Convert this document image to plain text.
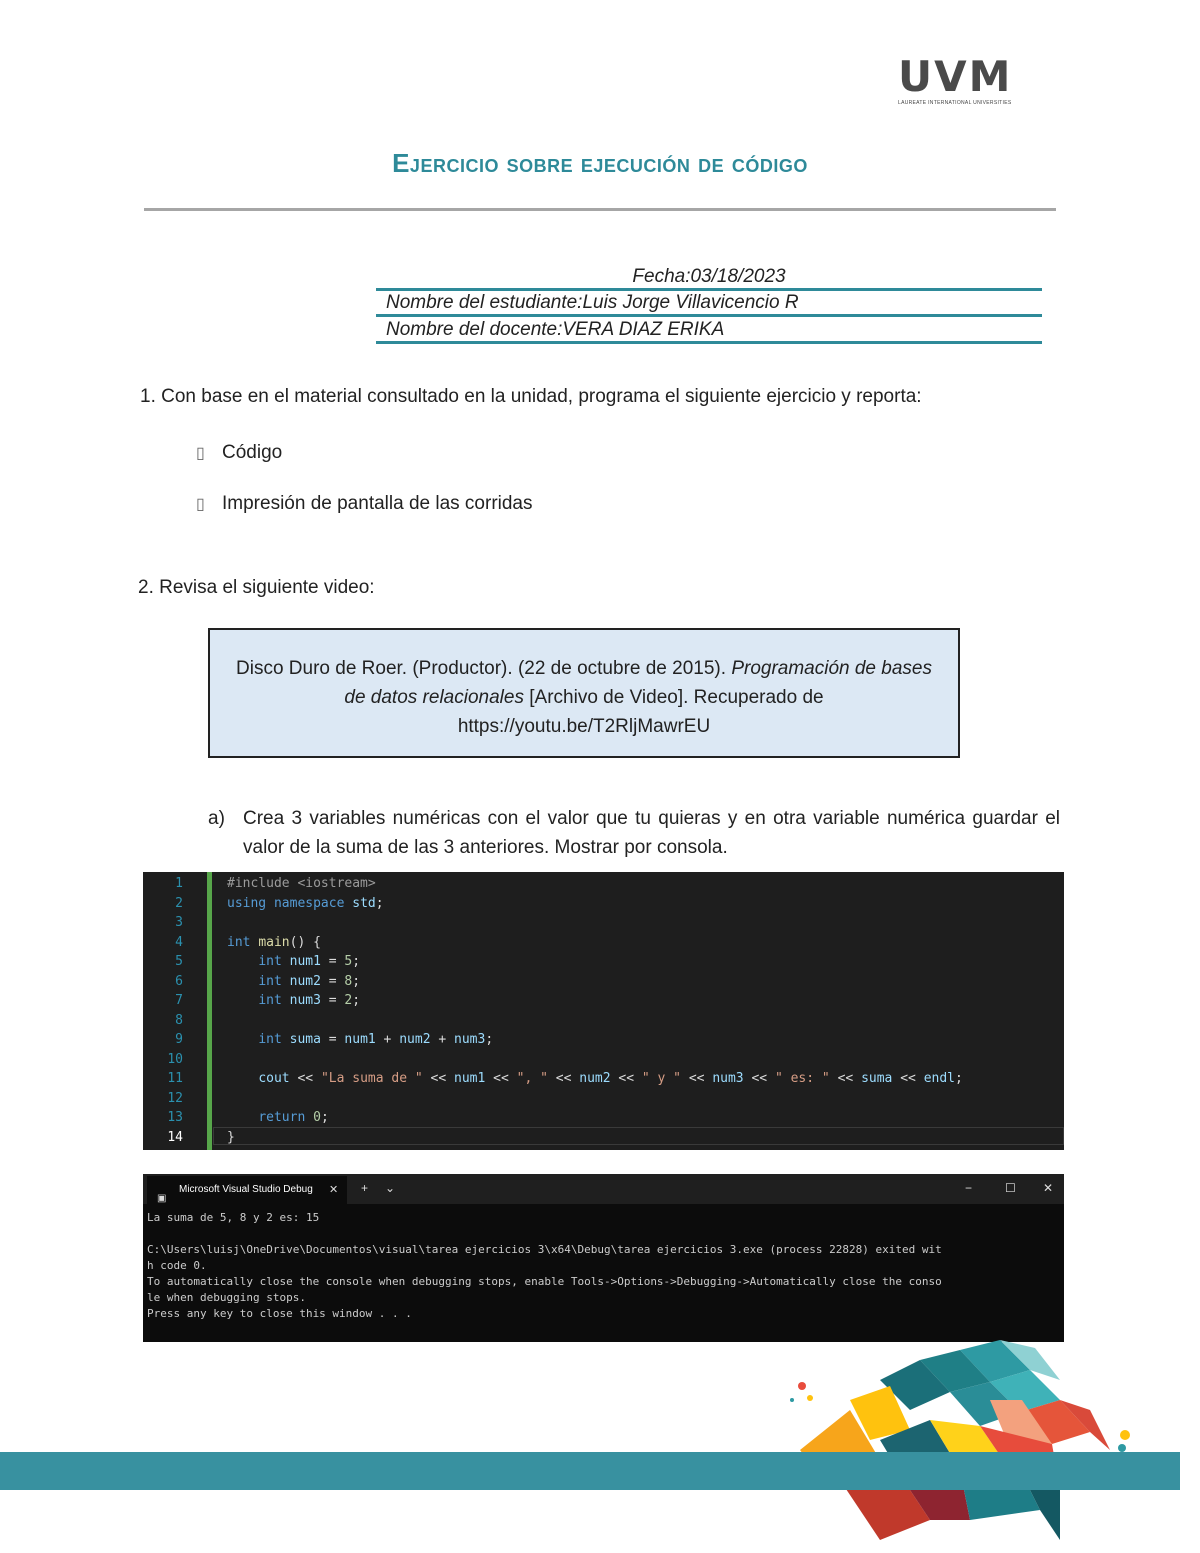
UVM
LAUREATE INTERNATIONAL UNIVERSITIES
Ejercicio sobre ejecución de código
Fecha:03/18/2023
Nombre del estudiante:Luis Jorge Villavicencio R
Nombre del docente:VERA DIAZ ERIKA
1. Con base en el material consultado en la unidad, programa el siguiente ejercicio y reporta:
▯ Código
▯ Impresión de pantalla de las corridas
2. Revisa el siguiente video:
Disco Duro de Roer. (Productor). (22 de octubre de 2015). Programación de bases de datos relacionales [Archivo de Video]. Recuperado de
https://youtu.be/T2RljMawrEU
a) Crea 3 variables numéricas con el valor que tu quieras y en otra variable numérica guardar el valor de la suma de las 3 anteriores. Mostrar por consola.
1
2
3
4
5
6
7
8
9
10
11
12
13
14
#include <iostream>
using namespace std;
int main() {
int num1 = 5;
int num2 = 8;
int num3 = 2;
int suma = num1 + num2 + num3;
cout << "La suma de " << num1 << ", " << num2 << " y " << num3 << " es: " << suma << endl;
return 0;
}
▣
Microsoft Visual Studio Debug ✕ + ⌄	−	☐ ✕
La suma de 5, 8 y 2 es: 15

C:\Users\luisj\OneDrive\Documentos\visual\tarea ejercicios 3\x64\Debug\tarea ejercicios 3.exe (process 22828) exited wit
h code 0.
To automatically close the console when debugging stops, enable Tools->Options->Debugging->Automatically close the conso
le when debugging stops.
Press any key to close this window . . .
